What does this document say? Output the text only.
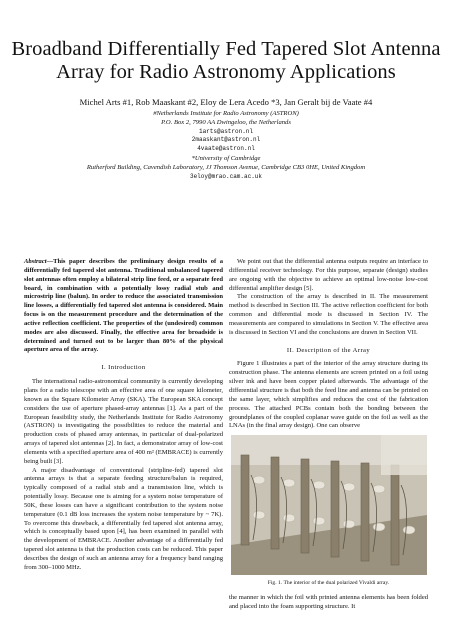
Broadband Differentially Fed Tapered Slot Antenna
Array for Radio Astronomy Applications
Michel Arts #1, Rob Maaskant #2, Eloy de Lera Acedo *3, Jan Geralt bij de Vaate #4
#Netherlands Institute for Radio Astronomy (ASTRON)
P.O. Box 2, 7990 AA Dwingeloo, the Netherlands
1arts@astron.nl
2maaskant@astron.nl
4vaate@astron.nl
*University of Cambridge
Rutherford Building, Cavendish Laboratory, JJ Thomson Avenue, Cambridge CB3 0HE, United Kingdom
3eloy@mrao.cam.ac.uk

Abstract—This paper describes the preliminary design results of a differentially fed tapered slot antenna. Traditional unbalanced tapered slot antennas often employ a bilateral strip line feed, or a separate feed board, in combination with a potentially lossy radial stub and microstrip line (balun). In order to reduce the associated transmission line losses, a differentially fed tapered slot antenna is considered. Main focus is on the measurement procedure and the determination of the active reflection coefficient. The properties of the (undesired) common modes are also discussed. Finally, the effective area for broadside is determined and turned out to be larger than 80% of the physical aperture area of the array.

I. Introduction

The international radio-astronomical community is currently developing plans for a radio telescope with an effective area of one square kilometer, known as the Square Kilometer Array (SKA). The European SKA concept considers the use of aperture phased-array antennas [1]. As a part of the European feasibility study, the Netherlands Institute for Radio Astronomy (ASTRON) is investigating the possibilities to reduce the material and production costs of phased array antennas, in particular of dual-polarized arrays of tapered slot antennas [2]. In fact, a demonstrator array of low-cost elements with a specified aperture area of 400 m² (EMBRACE) is currently being built [3].

A major disadvantage of conventional (stripline-fed) tapered slot antenna arrays is that a separate feeding structure/balun is required, typically composed of a radial stub and a transmission line, which is potentially lossy. Because one is aiming for a system noise temperature of 50K, these losses can have a significant contribution to the system noise temperature (0.1 dB loss increases the system noise temperature by ~ 7K). To overcome this drawback, a differentially fed tapered slot antenna array, which is conceptually based upon [4], has been examined in parallel with the development of EMBRACE. Another advantage of a differentially fed tapered slot antenna is that the production costs can be reduced. This paper describes the design of such an antenna array for a frequency band ranging from 300–1000 MHz.

We point out that the differential antenna outputs require an interface to differential receiver technology. For this purpose, separate (design) studies are ongoing with the objective to achieve an optimal low-noise low-cost differential amplifier design [5].

The construction of the array is described in II. The measurement method is described in Section III. The active reflection coefficient for both common and differential mode is discussed in Section IV. The measurements are compared to simulations in Section V. The effective area is discussed in Section VI and the conclusions are drawn in Section VII.

II. Description of the Array

Figure 1 illustrates a part of the interior of the array structure during its construction phase. The antenna elements are screen printed on a foil using silver ink and have been copper plated afterwards. The advantage of the differential structure is that both the feed line and antenna can be printed on the same layer, which simplifies and reduces the cost of the fabrication process. The attached PCBs contain both the bonding between the groundplanes of the coupled coplanar wave guide on the foil as well as the LNAs (in the final array design). One can observe

Fig. 1. The interior of the dual polarized Vivaldi array.

the manner in which the foil with printed antenna elements has been folded and placed into the foam supporting structure. It
